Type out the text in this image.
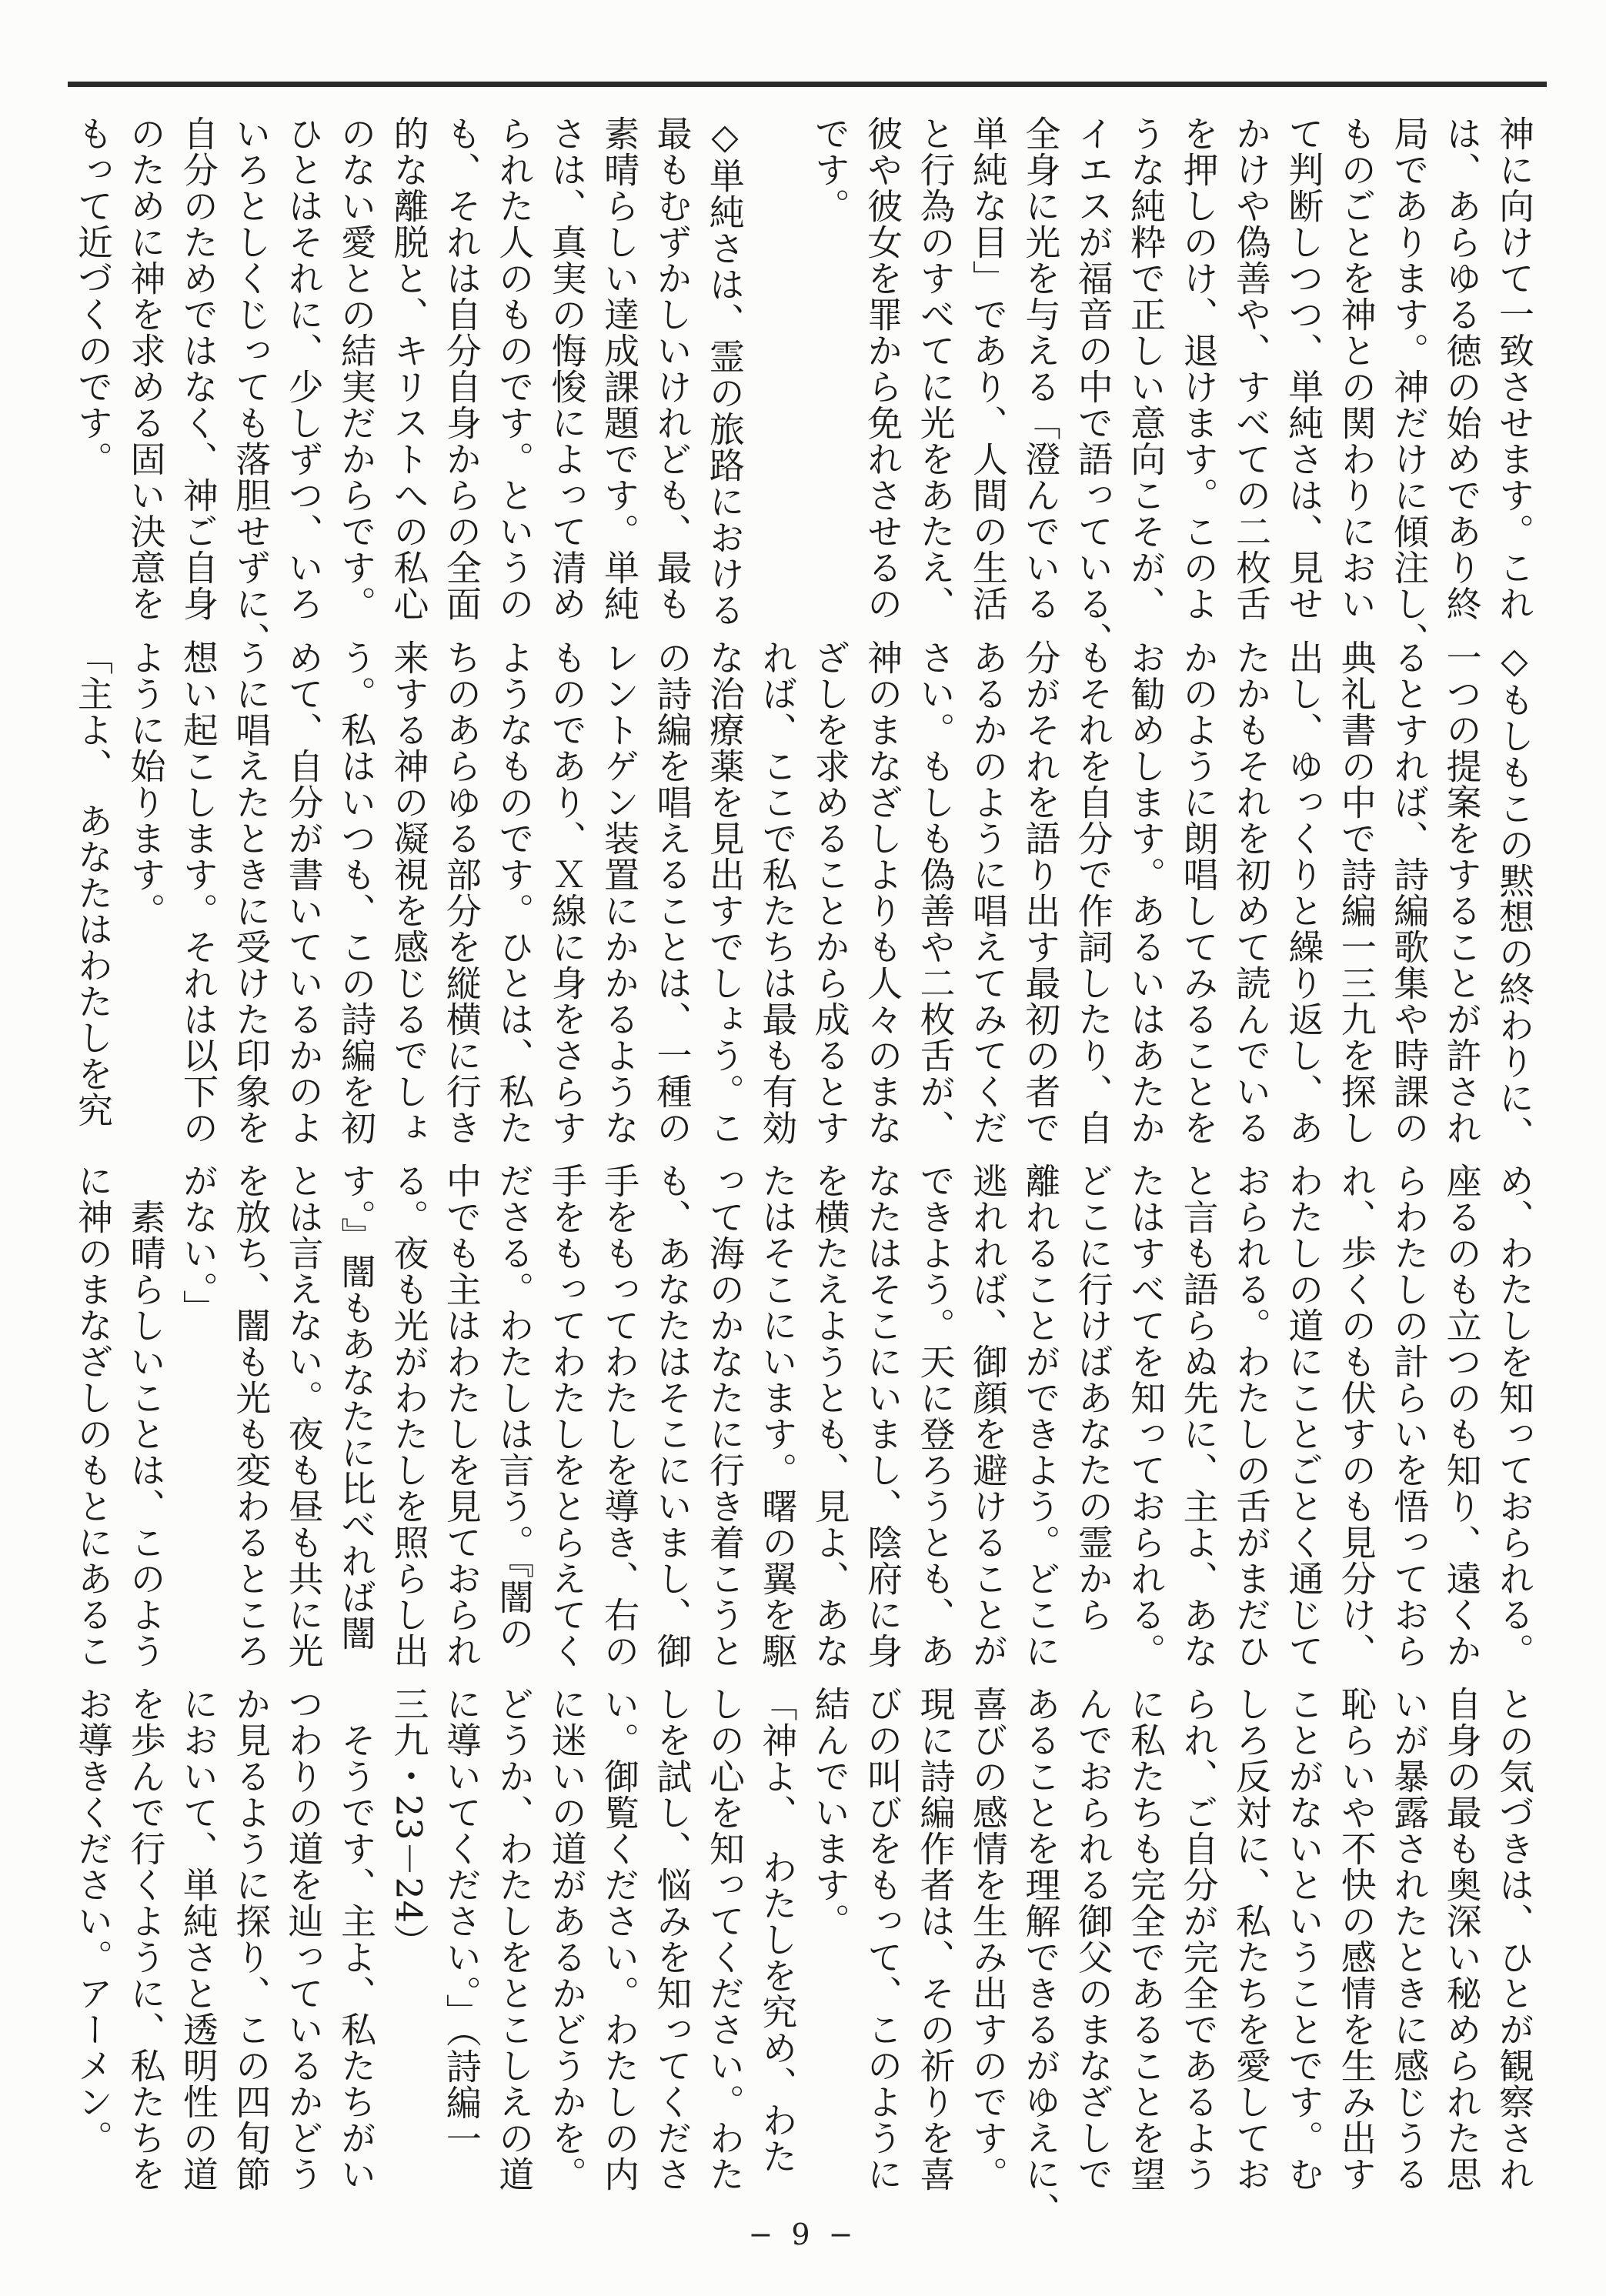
神に向けて一致させます。これ

は、あらゆる徳の始めであり終

局であります。神だけに傾注し、

ものごとを神との関わりにおい

て判断しつつ、単純さは、見せ

かけや偽善や、すべての二枚舌

を押しのけ、退けます。このよ

うな純粋で正しい意向こそが、

イエスが福音の中で語っている、

全身に光を与える「澄んでいる

単純な目」であり、人間の生活

と行為のすべてに光をあたえ、

彼や彼女を罪から免れさせるの

です。

◇単純さは、霊の旅路における

最もむずかしいけれども、最も

素晴らしい達成課題です。単純

さは、真実の悔悛によって清め

られた人のものです。というの

も、それは自分自身からの全面

的な離脱と、キリストへの私心

のない愛との結実だからです。

ひとはそれに、少しずつ、いろ

いろとしくじっても落胆せずに、

自分のためではなく、神ご自身

のために神を求める固い決意を

もって近づくのです。

◇もしもこの黙想の終わりに、

一つの提案をすることが許され

るとすれば、詩編歌集や時課の

典礼書の中で詩編一三九を探し

出し、ゆっくりと繰り返し、あ

たかもそれを初めて読んでいる

かのように朗唱してみることを

お勧めします。あるいはあたか

もそれを自分で作詞したり、自

分がそれを語り出す最初の者で

あるかのように唱えてみてくだ

さい。もしも偽善や二枚舌が、

神のまなざしよりも人々のまな

ざしを求めることから成るとす

れば、ここで私たちは最も有効

な治療薬を見出すでしょう。こ

の詩編を唱えることは、一種の

レントゲン装置にかかるような

ものであり、Ｘ線に身をさらす

ようなものです。ひとは、私た

ちのあらゆる部分を縦横に行き

来する神の凝視を感じるでしょ

う。私はいつも、この詩編を初

めて、自分が書いているかのよ

うに唱えたときに受けた印象を

想い起こします。それは以下の

ように始ります。

「主よ、　あなたはわたしを究

め、わたしを知っておられる。

座るのも立つのも知り、遠くか

らわたしの計らいを悟っておら

れ、歩くのも伏すのも見分け、

わたしの道にことごとく通じて

おられる。わたしの舌がまだひ

と言も語らぬ先に、主よ、あな

たはすべてを知っておられる。

どこに行けばあなたの霊から

離れることができよう。どこに

逃れれば、御顔を避けることが

できよう。天に登ろうとも、あ

なたはそこにいまし、陰府に身

を横たえようとも、見よ、あな

たはそこにいます。曙の翼を駆

って海のかなたに行き着こうと

も、あなたはそこにいまし、御

手をもってわたしを導き、右の

手をもってわたしをとらえてく

ださる。わたしは言う。『闇の

中でも主はわたしを見ておられ

る。夜も光がわたしを照らし出

す。』闇もあなたに比べれば闇

とは言えない。夜も昼も共に光

を放ち、闇も光も変わるところ

がない。」

　素晴らしいことは、このよう

に神のまなざしのもとにあるこ

との気づきは、ひとが観察され

自身の最も奥深い秘められた思

いが暴露されたときに感じうる

恥らいや不快の感情を生み出す

ことがないということです。む

しろ反対に、私たちを愛してお

られ、ご自分が完全であるよう

に私たちも完全であることを望

んでおられる御父のまなざしで

あることを理解できるがゆえに、

喜びの感情を生み出すのです。

現に詩編作者は、その祈りを喜

びの叫びをもって、このように

結んでいます。

「神よ、　わたしを究め、わた

しの心を知ってください。わた

しを試し、悩みを知ってくださ

い。御覧ください。わたしの内

に迷いの道があるかどうかを。

どうか、わたしをとこしえの道

に導いてください。」（詩編一

三九・23－24）

　そうです、主よ、私たちがい

つわりの道を辿っているかどう

か見るように探り、この四旬節

において、単純さと透明性の道

を歩んで行くように、私たちを

お導きください。アーメン。

− 9 −
